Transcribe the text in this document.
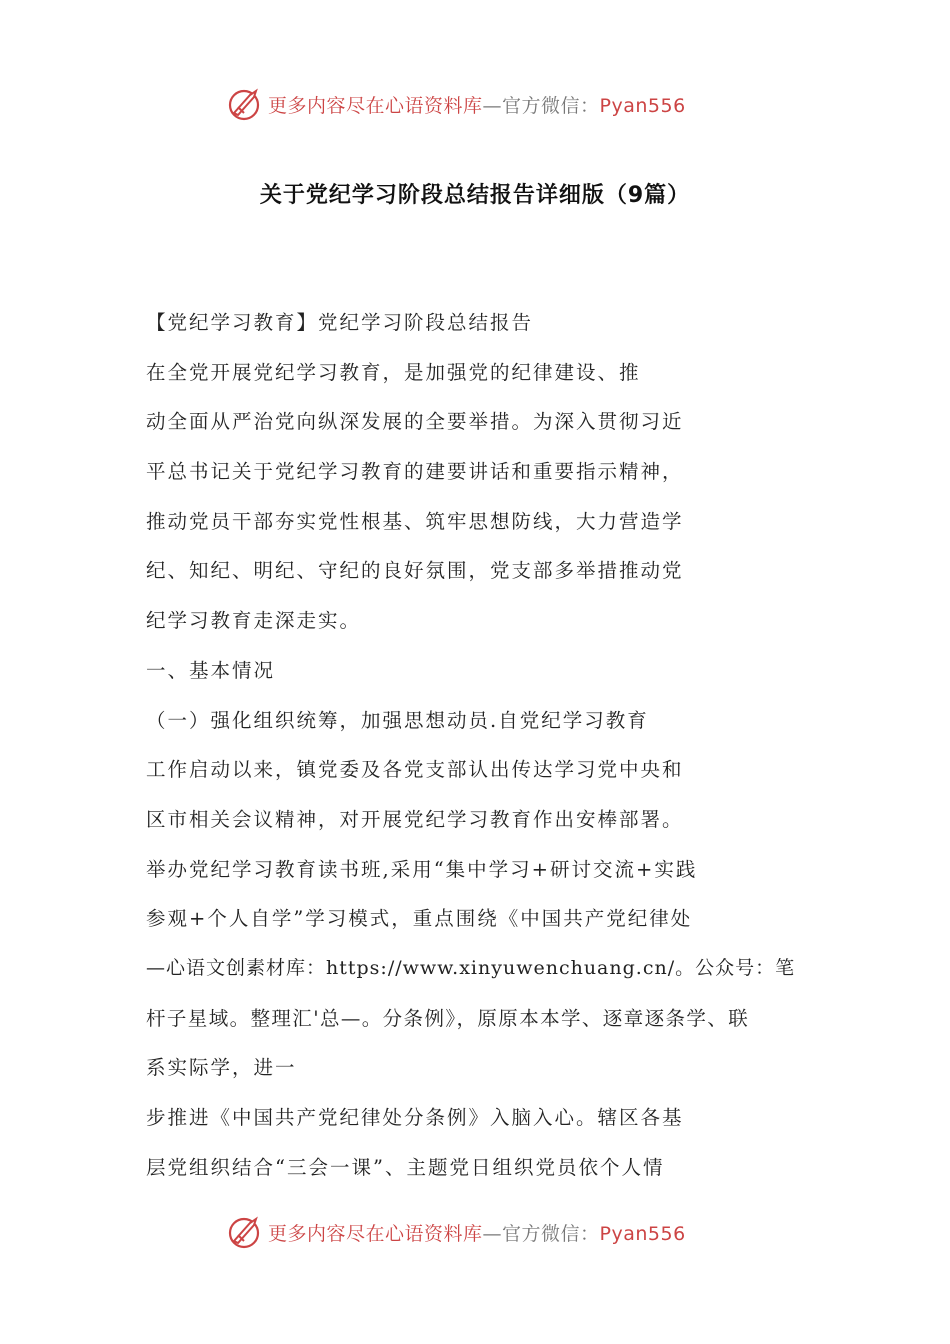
更多内容尽在心语资料库—官方微信：Pyan556
关于党纪学习阶段总结报告详细版（9篇）
【党纪学习教育】党纪学习阶段总结报告
在全党开展党纪学习教育，是加强党的纪律建设、推
动全面从严治党向纵深发展的全要举措。为深入贯彻习近
平总书记关于党纪学习教育的建要讲话和重要指示精神，
推动党员干部夯实党性根基、筑牢思想防线，大力营造学
纪、知纪、明纪、守纪的良好氛围，党支部多举措推动党
纪学习教育走深走实。
一、基本情况
（一）强化组织统筹，加强思想动员.自党纪学习教育
工作启动以来，镇党委及各党支部认出传达学习党中央和
区市相关会议精神，对开展党纪学习教育作出安棒部署。
举办党纪学习教育读书班,采用“集中学习+研讨交流+实践
参观+个人自学”学习模式，重点围绕《中国共产党纪律处
—心语文创素材库：https://www.xinyuwenchuang.cn/。公众号：笔
杆子星域。整理汇'总—。分条例》，原原本本学、逐章逐条学、联
系实际学，进一
步推进《中国共产党纪律处分条例》入脑入心。辖区各基
层党组织结合“三会一课”、主题党日组织党员依个人情
更多内容尽在心语资料库—官方微信：Pyan556
